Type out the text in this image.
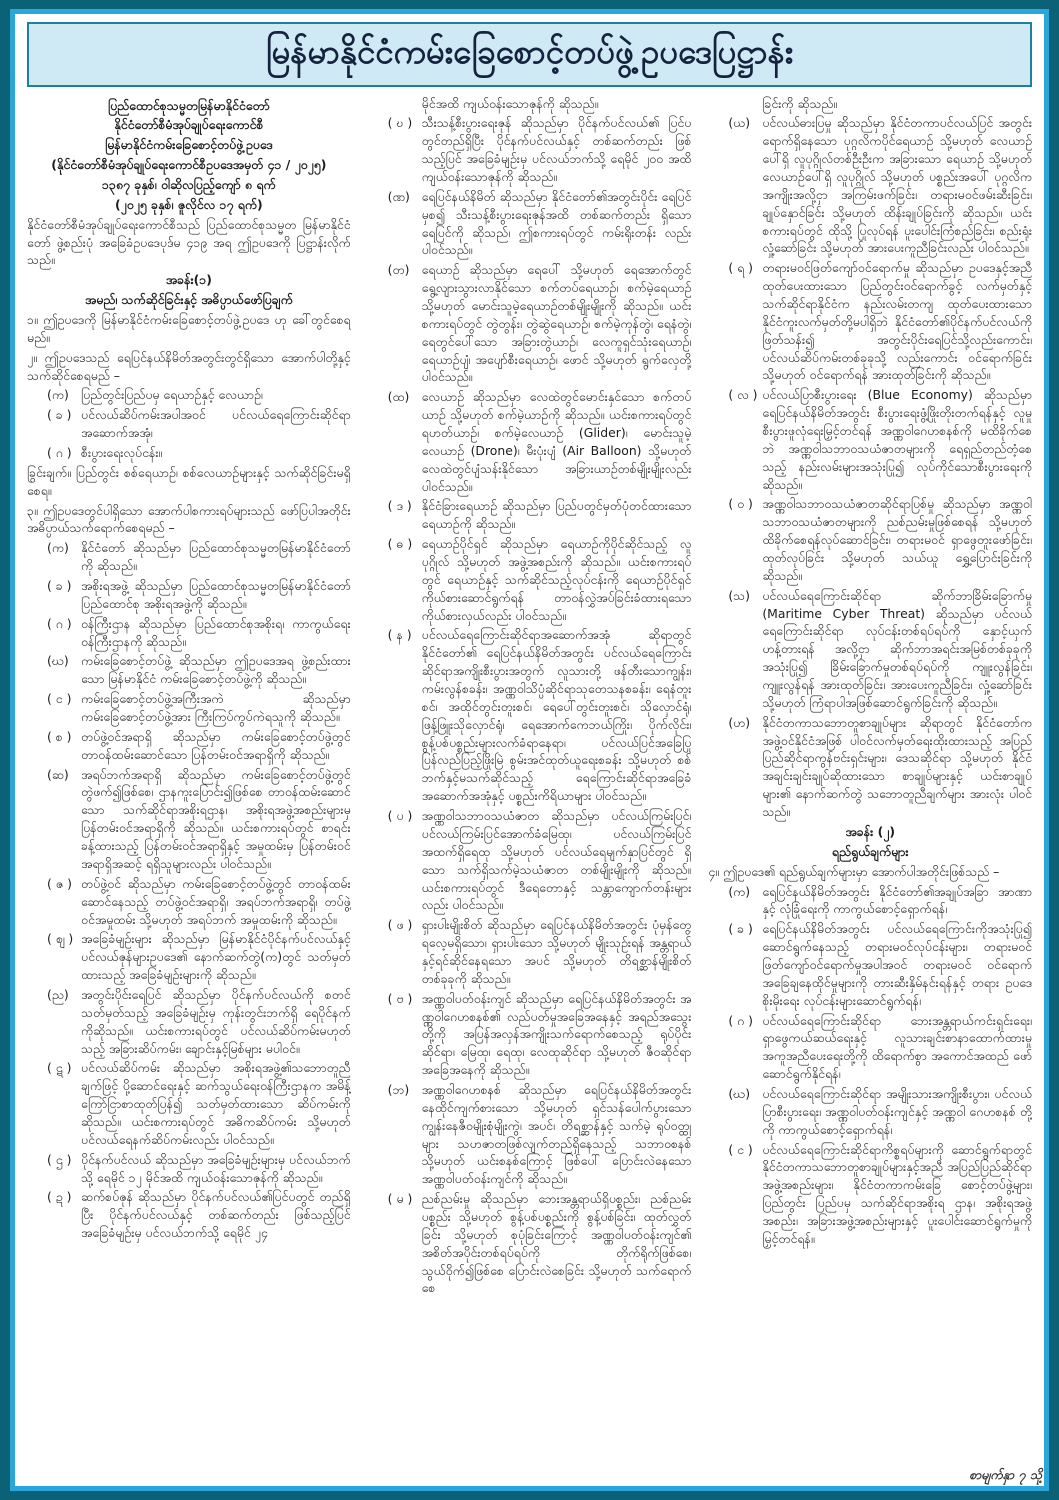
မြန်မာနိုင်ငံကမ်းခြေစောင့်တပ်ဖွဲ့ဥပဒေပြဋ္ဌာန်း
ပြည်ထောင်စုသမ္မတမြန်မာနိုင်ငံတော်
နိုင်ငံတော်စီမံအုပ်ချုပ်ရေးကောင်စီ
မြန်မာနိုင်ငံကမ်းခြေစောင့်တပ်ဖွဲ့ဥပဒေ
(နိုင်ငံတော်စီမံအုပ်ချုပ်ရေးကောင်စီဥပဒေအမှတ် ၄၁ / ၂၀၂၅)
၁၃၈၇ ခုနှစ်၊ ဝါဆိုလပြည့်ကျော် ၈ ရက်
(၂၀၂၅ ခုနှစ်၊ ဇူလိုင်လ ၁၇ ရက်)
နိုင်ငံတော်စီမံအုပ်ချုပ်ရေးကောင်စီသည် ပြည်ထောင်စုသမ္မတ မြန်မာနိုင်ငံတော် ဖွဲ့စည်းပုံ အခြေခံဥပဒေပုဒ်မ ၄၁၉ အရ ဤဥပဒေကို ပြဋ္ဌာန်းလိုက်သည်။
အခန်း(၁)
အမည်၊ သက်ဆိုင်ခြင်းနှင့် အဓိပ္ပာယ်ဖော်ပြချက်
၁။ ဤဥပဒေကို မြန်မာနိုင်ငံကမ်းခြေစောင့်တပ်ဖွဲ့ဥပဒေ ဟု ခေါ်တွင်စေရမည်။
၂။ ဤဥပဒေသည် ရေပြင်နယ်နိမိတ်အတွင်းတွင်ရှိသော အောက်ပါတို့နှင့် သက်ဆိုင်စေရမည် –
(က) ပြည်တွင်းပြည်ပမှ ရေယာဉ်နှင့် လေယာဉ်၊
( ခ ) ပင်လယ်ဆိပ်ကမ်းအပါအဝင် ပင်လယ်ရေကြောင်းဆိုင်ရာ အဆောက်အအုံ၊
( ဂ ) စီးပွားရေးလုပ်ငန်း။
ခြွင်းချက်။ ပြည်တွင်း စစ်ရေယာဉ်၊ စစ်လေယာဉ်များနှင့် သက်ဆိုင်ခြင်းမရှိစေရ။
၃။ ဤဥပဒေတွင်ပါရှိသော အောက်ပါစကားရပ်များသည် ဖော်ပြပါအတိုင်း အဓိပ္ပာယ်သက်ရောက်စေရမည် –
(က) နိုင်ငံတော် ဆိုသည်မှာ ပြည်ထောင်စုသမ္မတမြန်မာနိုင်ငံတော်ကို ဆိုသည်။
( ခ ) အစိုးရအဖွဲ့ ဆိုသည်မှာ ပြည်ထောင်စုသမ္မတမြန်မာနိုင်ငံတော် ပြည်ထောင်စု အစိုးရအဖွဲ့ကို ဆိုသည်။
( ဂ ) ဝန်ကြီးဌာန ဆိုသည်မှာ ပြည်ထောင်စုအစိုးရ၊ ကာကွယ်ရေး ဝန်ကြီးဌာနကို ဆိုသည်။
(ဃ) ကမ်းခြေစောင့်တပ်ဖွဲ့ ဆိုသည်မှာ ဤဥပဒေအရ ဖွဲ့စည်းထားသော မြန်မာနိုင်ငံ ကမ်းခြေစောင့်တပ်ဖွဲ့ကို ဆိုသည်။
( င ) ကမ်းခြေစောင့်တပ်ဖွဲ့အကြီးအကဲ ဆိုသည်မှာ ကမ်းခြေစောင့်တပ်ဖွဲ့အား ကြီးကြပ်ကွပ်ကဲရသူကို ဆိုသည်။
( စ ) တပ်ဖွဲ့ဝင်အရာရှိ ဆိုသည်မှာ ကမ်းခြေစောင့်တပ်ဖွဲ့တွင် တာဝန်ထမ်းဆောင်သော ပြန်တမ်းဝင်အရာရှိကို ဆိုသည်။
(ဆ) အရပ်ဘက်အရာရှိ ဆိုသည်မှာ ကမ်းခြေစောင့်တပ်ဖွဲ့တွင် တွဲဖက်၍ဖြစ်စေ၊ ဌာနကူးပြောင်း၍ဖြစ်စေ တာဝန်ထမ်းဆောင်သော သက်ဆိုင်ရာအစိုးရဌာန၊ အစိုးရအဖွဲ့အစည်းများမှ ပြန်တမ်းဝင်အရာရှိကို ဆိုသည်။ ယင်းစကားရပ်တွင် စာရင်းခန့်ထားသည့် ပြန်တမ်းဝင်အရာရှိနှင့် အမှုထမ်းမှ ပြန်တမ်းဝင်အရာရှိအဆင့် ရရှိသူများလည်း ပါဝင်သည်။
( ဇ ) တပ်ဖွဲ့ဝင် ဆိုသည်မှာ ကမ်းခြေစောင့်တပ်ဖွဲ့တွင် တာဝန်ထမ်းဆောင်နေသည့် တပ်ဖွဲ့ဝင်အရာရှိ၊ အရပ်ဘက်အရာရှိ၊ တပ်ဖွဲ့ဝင်အမှုထမ်း သို့မဟုတ် အရပ်ဘက် အမှုထမ်းကို ဆိုသည်။
( ဈ ) အခြေခံမျဉ်းများ ဆိုသည်မှာ မြန်မာနိုင်ငံပိုင်နက်ပင်လယ်နှင့် ပင်လယ်ဇုန်များဥပဒေ၏ နောက်ဆက်တွဲ(က)တွင် သတ်မှတ်ထားသည့် အခြေခံမျဉ်းများကို ဆိုသည်။
(ည) အတွင်းပိုင်းရေပြင် ဆိုသည်မှာ ပိုင်နက်ပင်လယ်ကို စတင်သတ်မှတ်သည့် အခြေခံမျဉ်းမှ ကုန်းတွင်းဘက်ရှိ ရေပိုင်နက်ကိုဆိုသည်။ ယင်းစကားရပ်တွင် ပင်လယ်ဆိပ်ကမ်းမဟုတ်သည့် အခြားဆိပ်ကမ်း၊ ချောင်းနှင့်မြစ်များ မပါဝင်။
( ဋ ) ပင်လယ်ဆိပ်ကမ်း ဆိုသည်မှာ အစိုးရအဖွဲ့၏သဘောတူညီချက်ဖြင့် ပို့ဆောင်ရေးနှင့် ဆက်သွယ်ရေးဝန်ကြီးဌာနက အမိန့်ကြော်ငြာစာထုတ်ပြန်၍ သတ်မှတ်ထားသော ဆိပ်ကမ်းကိုဆိုသည်။ ယင်းစကားရပ်တွင် အဓိကဆိပ်ကမ်း သို့မဟုတ် ပင်လယ်ရေနက်ဆိပ်ကမ်းလည်း ပါဝင်သည်။
( ဌ ) ပိုင်နက်ပင်လယ် ဆိုသည်မှာ အခြေခံမျဉ်းများမှ ပင်လယ်ဘက်သို့ ရေမိုင် ၁၂ မိုင်အထိ ကျယ်ဝန်းသောဇုန်ကို ဆိုသည်။
( ဍ ) ဆက်စပ်ဇုန် ဆိုသည်မှာ ပိုင်နက်ပင်လယ်၏ပြင်ပတွင် တည်ရှိပြီး ပိုင်နက်ပင်လယ်နှင့် တစ်ဆက်တည်း ဖြစ်သည့်ပြင် အခြေခံမျဉ်းမှ ပင်လယ်ဘက်သို့ ရေမိုင် ၂၄
မိုင်အထိ ကျယ်ဝန်းသောဇုန်ကို ဆိုသည်။
( ဎ ) သီးသန့်စီးပွားရေးဇုန် ဆိုသည်မှာ ပိုင်နက်ပင်လယ်၏ ပြင်ပတွင်တည်ရှိပြီး ပိုင်နက်ပင်လယ်နှင့် တစ်ဆက်တည်း ဖြစ်သည့်ပြင် အခြေခံမျဉ်းမှ ပင်လယ်ဘက်သို့ ရေမိုင် ၂၀၀ အထိ ကျယ်ဝန်းသောဇုန်ကို ဆိုသည်။
(ဏ) ရေပြင်နယ်နိမိတ် ဆိုသည်မှာ နိုင်ငံတော်၏အတွင်းပိုင်း ရေပြင်မှစ၍ သီးသန့်စီးပွားရေးဇုန်အထိ တစ်ဆက်တည်း ရှိသောရေပြင်ကို ဆိုသည်၊ ဤစကားရပ်တွင် ကမ်းရိုးတန်း လည်း ပါဝင်သည်။
(တ) ရေယာဉ် ဆိုသည်မှာ ရေပေါ် သို့မဟုတ် ရေအောက်တွင် ရွေ့လျားသွားလာနိုင်သော စက်တပ်ရေယာဉ်၊ စက်မဲ့ရေယာဉ် သို့မဟုတ် မောင်းသူမဲ့ရေယာဉ်တစ်မျိုးမျိုးကို ဆိုသည်။ ယင်းစကားရပ်တွင် တွဲတွန်း၊ တွဲဆွဲရေယာဉ်၊ စက်မဲ့ကုန်တွဲ၊ ရေနံတွဲ၊ ရေတွင်ပေါ်သော အခြားတွဲယာဉ်၊ လေကူရှင်သုံးရေယာဉ်၊ ရေယာဉ်ပျံ၊ အပျော်စီးရေယာဉ်၊ ဖောင် သို့မဟုတ် ရွက်လှေတို့ ပါဝင်သည်။
(ထ) လေယာဉ် ဆိုသည်မှာ လေထဲတွင်မောင်းနှင်သော စက်တပ်ယာဉ် သို့မဟုတ် စက်မဲ့ယာဉ်ကို ဆိုသည်။ ယင်းစကားရပ်တွင် ရဟတ်ယာဉ်၊ စက်မဲ့လေယာဉ် (Glider)၊ မောင်းသူမဲ့လေယာဉ် (Drone)၊ မီးပုံးပျံ (Air Balloon) သို့မဟုတ် လေထဲတွင်ပျံသန်းနိုင်သော အခြားယာဉ်တစ်မျိုးမျိုးလည်း ပါဝင်သည်။
( ဒ ) နိုင်ငံခြားရေယာဉ် ဆိုသည်မှာ ပြည်ပတွင်မှတ်ပုံတင်ထားသော ရေယာဉ်ကို ဆိုသည်။
( ဓ ) ရေယာဉ်ပိုင်ရှင် ဆိုသည်မှာ ရေယာဉ်ကိုပိုင်ဆိုင်သည့် လူပုဂ္ဂိုလ် သို့မဟုတ် အဖွဲ့အစည်းကို ဆိုသည်။ ယင်းစကားရပ်တွင် ရေယာဉ်နှင့် သက်ဆိုင်သည့်လုပ်ငန်းကို ရေယာဉ်ပိုင်ရှင် ကိုယ်စားဆောင်ရွက်ရန် တာဝန်လွှဲအပ်ခြင်းခံထားရသော ကိုယ်စားလှယ်လည်း ပါဝင်သည်။
( န ) ပင်လယ်ရေကြောင်းဆိုင်ရာအဆောက်အအုံ ဆိုရာတွင် နိုင်ငံတော်၏ ရေပြင်နယ်နိမိတ်အတွင်း ပင်လယ်ရေကြောင်းဆိုင်ရာအကျိုးစီးပွားအတွက် လူသားတို့ ဖန်တီးသောကျွန်း၊ ကမ်းလွန်စခန်း၊ အဏ္ဏဝါသိပ္ပံဆိုင်ရာသုတေသနစခန်း၊ ရေနံတူးစင်၊ အထိုင်တွင်းတူးစင်၊ ရေပေါ်တွင်းတူးစင်၊ သိုလှောင်ရုံ၊ ဖြန့်ဖြူးသိုလှောင်ရုံ၊ ရေအောက်ကေဘယ်ကြိုး၊ ပိုက်လိုင်း၊ စွန့်ပစ်ပစ္စည်းများလက်ခံရာနေရာ၊ ပင်လယ်ပြင်အခြေပြု ပြန်လည်ပြည့်ဖြိုးမြဲ စွမ်းအင်ထုတ်ယူရေးစခန်း သို့မဟုတ် စစ်ဘက်နှင့်မသက်ဆိုင်သည့် ရေကြောင်းဆိုင်ရာအခြေခံအဆောက်အအုံနှင့် ပစ္စည်းကိရိယာများ ပါဝင်သည်။
( ပ ) အဏ္ဏဝါသဘာဝသယံဇာတ ဆိုသည်မှာ ပင်လယ်ကြမ်းပြင်၊ ပင်လယ်ကြမ်းပြင်အောက်ခံမြေထု၊ ပင်လယ်ကြမ်းပြင် အထက်ရှိရေထု သို့မဟုတ် ပင်လယ်ရေမျက်နှာပြင်တွင် ရှိသော သက်ရှိသက်မဲ့သယံဇာတ တစ်မျိုးမျိုးကို ဆိုသည်။ ယင်းစကားရပ်တွင် ဒီရေတောနှင့် သန္တာကျောက်တန်းများလည်း ပါဝင်သည်။
( ဖ ) ရှားပါးမျိုးစိတ် ဆိုသည်မှာ ရေပြင်နယ်နိမိတ်အတွင်း ပုံမှန်တွေ့ရလေ့မရှိသော၊ ရှားပါးသော သို့မဟုတ် မျိုးသုဉ်းရန် အန္တရာယ်နှင့်ရင်ဆိုင်နေရသော အပင် သို့မဟုတ် တိရစ္ဆာန်မျိုးစိတ်တစ်ခုခုကို ဆိုသည်။
( ဗ ) အဏ္ဏဝါပတ်ဝန်းကျင် ဆိုသည်မှာ ရေပြင်နယ်နိမိတ်အတွင်း အဏ္ဏဝါဂေဟစနစ်၏ လည်ပတ်မှုအခြေအနေနှင့် အရည်အသွေးတို့ကို အပြန်အလှန်အကျိုးသက်ရောက်စေသည့် ရုပ်ပိုင်းဆိုင်ရာ၊ မြေထု၊ ရေထု၊ လေထုဆိုင်ရာ သို့မဟုတ် ဇီဝဆိုင်ရာ အခြေအနေကို ဆိုသည်။
(ဘ) အဏ္ဏဝါဂေဟစနစ် ဆိုသည်မှာ ရေပြင်နယ်နိမိတ်အတွင်း နေထိုင်ကျက်စားသော သို့မဟုတ် ရှင်သန်ပေါက်ပွားသော ကျွန်းနေဇီဝမျိုးစုံမျိုးကွဲ၊ အပင်၊ တိရစ္ဆာန်နှင့် သက်မဲ့ ရုပ်ဝတ္ထုများ သဟဇာတဖြစ်လျက်တည်ရှိနေသည့် သဘာဝစနစ် သို့မဟုတ် ယင်းစနစ်ကြောင့် ဖြစ်ပေါ် ပြောင်းလဲနေသော အဏ္ဏဝါပတ်ဝန်းကျင်ကို ဆိုသည်။
( မ ) ညစ်ညမ်းမှု ဆိုသည်မှာ ဘေးအန္တရာယ်ရှိပစ္စည်း၊ ညစ်ညမ်းပစ္စည်း သို့မဟုတ် စွန့်ပစ်ပစ္စည်းကို စွန့်ပစ်ခြင်း၊ ထုတ်လွှတ်ခြင်း သို့မဟုတ် စုပုံခြင်းကြောင့် အဏ္ဏဝါပတ်ဝန်းကျင်၏ အစိတ်အပိုင်းတစ်ရပ်ရပ်ကို တိုက်ရိုက်ဖြစ်စေ၊ သွယ်ဝိုက်၍ဖြစ်စေ ပြောင်းလဲစေခြင်း သို့မဟုတ် သက်ရောက်စေ
ခြင်းကို ဆိုသည်။
(ယ) ပင်လယ်ဓားပြမှု ဆိုသည်မှာ နိုင်ငံတကာပင်လယ်ပြင် အတွင်း ရောက်ရှိနေသော ပုဂ္ဂလိကပိုင်ရေယာဉ် သို့မဟုတ် လေယာဉ်ပေါ်ရှိ လူပုဂ္ဂိုလ်တစ်ဦးဦးက အခြားသော ရေယာဉ် သို့မဟုတ် လေယာဉ်ပေါ်ရှိ လူပုဂ္ဂိုလ် သို့မဟုတ် ပစ္စည်းအပေါ် ပုဂ္ဂလိက အကျိုးအလို့ငှာ အကြမ်းဖက်ခြင်း၊ တရားမဝင်ဖမ်းဆီးခြင်း၊ ချုပ်နှောင်ခြင်း သို့မဟုတ် ထိန်းချုပ်ခြင်းကို ဆိုသည်။ ယင်းစကားရပ်တွင် ထိုသို့ ပြုလုပ်ရန် ပူးပေါင်းကြံစည်ခြင်း၊ စည်းရုံးလှုံ့ဆော်ခြင်း သို့မဟုတ် အားပေးကူညီခြင်းလည်း ပါဝင်သည်။
( ရ ) တရားမဝင်ဖြတ်ကျော်ဝင်ရောက်မှု ဆိုသည်မှာ ဥပဒေနှင့်အညီ ထုတ်ပေးထားသော ပြည်တွင်းဝင်ရောက်ခွင့် လက်မှတ်နှင့် သက်ဆိုင်ရာနိုင်ငံက နည်းလမ်းတကျ ထုတ်ပေးထားသော နိုင်ငံကူးလက်မှတ်တို့မပါရှိဘဲ နိုင်ငံတော်၏ပိုင်နက်ပင်လယ်ကို ဖြတ်သန်း၍ အတွင်းပိုင်းရေပြင်သို့လည်းကောင်း၊ ပင်လယ်ဆိပ်ကမ်းတစ်ခုခုသို့ လည်းကောင်း ဝင်ရောက်ခြင်း သို့မဟုတ် ဝင်ရောက်ရန် အားထုတ်ခြင်းကို ဆိုသည်။
( လ ) ပင်လယ်ပြာစီးပွားရေး (Blue Economy) ဆိုသည်မှာ ရေပြင်နယ်နိမိတ်အတွင်း စီးပွားရေးဖွံ့ဖြိုးတိုးတက်ရန်နှင့် လူမှုစီးပွားဖူလုံရေးမြှင့်တင်ရန် အဏ္ဏဝါဂေဟစနစ်ကို မထိခိုက်စေဘဲ အဏ္ဏဝါသဘာဝသယံဇာတများကို ရေရှည်တည်တံ့စေသည့် နည်းလမ်းများအသုံးပြု၍ လုပ်ကိုင်သောစီးပွားရေးကို ဆိုသည်။
( ဝ ) အဏ္ဏဝါသဘာဝသယံဇာတဆိုင်ရာပြစ်မှု ဆိုသည်မှာ အဏ္ဏဝါသဘာဝသယံဇာတများကို ညစ်ညမ်းမှုဖြစ်စေရန် သို့မဟုတ် ထိခိုက်စေရန်လုပ်ဆောင်ခြင်း၊ တရားမဝင် ရှာဖွေတူးဖော်ခြင်း၊ ထုတ်လုပ်ခြင်း သို့မဟုတ် သယ်ယူ ရွှေ့ပြောင်းခြင်းကို ဆိုသည်။
(သ) ပင်လယ်ရေကြောင်းဆိုင်ရာ ဆိုက်ဘာခြိမ်းခြောက်မှု (Maritime Cyber Threat) ဆိုသည်မှာ ပင်လယ်ရေကြောင်းဆိုင်ရာ လုပ်ငန်းတစ်ရပ်ရပ်ကို နှောင့်ယှက်ဟန့်တားရန် အလို့ငှာ ဆိုက်ဘာအရင်းအမြစ်တစ်ခုခုကိုအသုံးပြု၍ ခြိမ်းခြောက်မှုတစ်ရပ်ရပ်ကို ကျူးလွန်ခြင်း၊ ကျူးလွန်ရန် အားထုတ်ခြင်း၊ အားပေးကူညီခြင်း၊ လှုံ့ဆော်ခြင်း သို့မဟုတ် ကြံရာပါအဖြစ်ဆောင်ရွက်ခြင်းကို ဆိုသည်။
(ဟ) နိုင်ငံတကာသဘောတူစာချုပ်များ ဆိုရာတွင် နိုင်ငံတော်က အဖွဲ့ဝင်နိုင်ငံအဖြစ် ပါဝင်လက်မှတ်ရေးထိုးထားသည့် အပြည်ပြည်ဆိုင်ရာကွန်ဗင်းရှင်းများ၊ ဒေသဆိုင်ရာ သို့မဟုတ် နိုင်ငံအချင်းချင်းချုပ်ဆိုထားသော စာချုပ်များနှင့် ယင်းစာချုပ်များ၏ နောက်ဆက်တွဲ သဘောတူညီချက်များ အားလုံး ပါဝင်သည်။
အခန်း (၂)
ရည်ရွယ်ချက်များ
၄။ ဤဥပဒေ၏ ရည်ရွယ်ချက်များမှာ အောက်ပါအတိုင်းဖြစ်သည် –
(က) ရေပြင်နယ်နိမိတ်အတွင်း နိုင်ငံတော်၏အချုပ်အခြာ အာဏာနှင့် လုံခြုံရေးကို ကာကွယ်စောင့်ရှောက်ရန်၊
( ခ ) ရေပြင်နယ်နိမိတ်အတွင်း ပင်လယ်ရေကြောင်းကိုအသုံးပြု၍ ဆောင်ရွက်နေသည့် တရားမဝင်လုပ်ငန်းများ၊ တရားမဝင် ဖြတ်ကျော်ဝင်ရောက်မှုအပါအဝင် တရားမဝင် ဝင်ရောက် အခြေချနေထိုင်မှုများကို တားဆီးနှိမ်နင်းရန်နှင့် တရား ဥပဒေစိုးမိုးရေး လုပ်ငန်းများဆောင်ရွက်ရန်၊
( ဂ ) ပင်လယ်ရေကြောင်းဆိုင်ရာ ဘေးအန္တရာယ်ကင်းရှင်းရေး၊ ရှာဖွေကယ်ဆယ်ရေးနှင့် လူသားချင်းစာနာထောက်ထားမှု အကူအညီပေးရေးတို့ကို ထိရောက်စွာ အကောင်အထည် ဖော်ဆောင်ရွက်နိုင်ရန်၊
(ဃ) ပင်လယ်ရေကြောင်းဆိုင်ရာ အမျိုးသားအကျိုးစီးပွား၊ ပင်လယ်ပြာစီးပွားရေး၊ အဏ္ဏဝါပတ်ဝန်းကျင်နှင့် အဏ္ဏဝါ ဂေဟစနစ် တို့ကို ကာကွယ်စောင့်ရှောက်ရန်၊
( င ) ပင်လယ်ရေကြောင်းဆိုင်ရာကိစ္စရပ်များကို ဆောင်ရွက်ရာတွင် နိုင်ငံတကာသဘောတူစာချုပ်များနှင့်အညီ အပြည်ပြည်ဆိုင်ရာ အဖွဲ့အစည်းများ၊ နိုင်ငံတကာကမ်းခြေ စောင့်တပ်ဖွဲ့များ၊ ပြည်တွင်း ပြည်ပမှ သက်ဆိုင်ရာအစိုးရ ဌာန၊ အစိုးရအဖွဲ့အစည်း၊ အခြားအဖွဲ့အစည်းများနှင့် ပူးပေါင်းဆောင်ရွက်မှုကို မြှင့်တင်ရန်။
စာမျက်နှာ ၇ သို့
